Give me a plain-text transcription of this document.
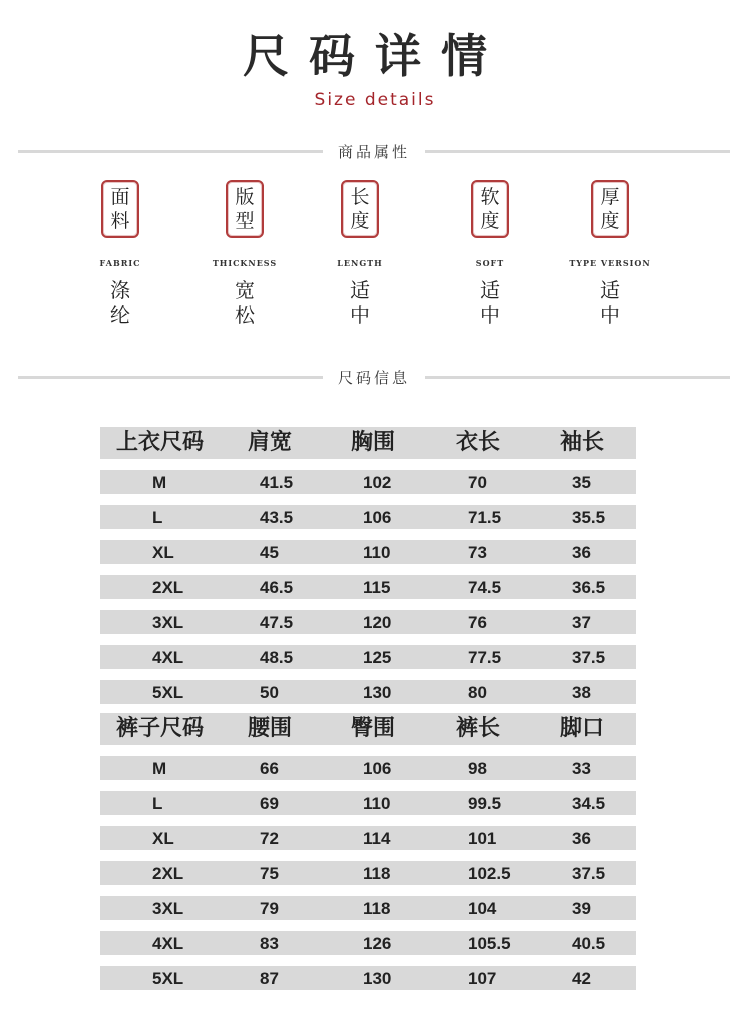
尺码详情
Size details
商品属性
面料
FABRIC
涤纶
版型
THICKNESS
宽松
长度
LENGTH
适中
软度
SOFT
适中
厚度
TYPE VERSION
适中
尺码信息
上衣尺码 肩宽	胸围	衣长	袖长
M	41.5	102	70	35
L	43.5	106	71.5	35.5
XL	45	110	73	36
2XL	46.5	115	74.5	36.5
3XL	47.5	120	76	37
4XL	48.5	125	77.5	37.5
5XL	50	130	80	38
裤子尺码 腰围	臀围	裤长	脚口
M	66	106	98	33
L	69	110	99.5	34.5
XL	72	114	101	36
2XL	75	118	102.5	37.5
3XL	79	118	104	39
4XL	83	126	105.5	40.5
5XL	87	130	107	42
